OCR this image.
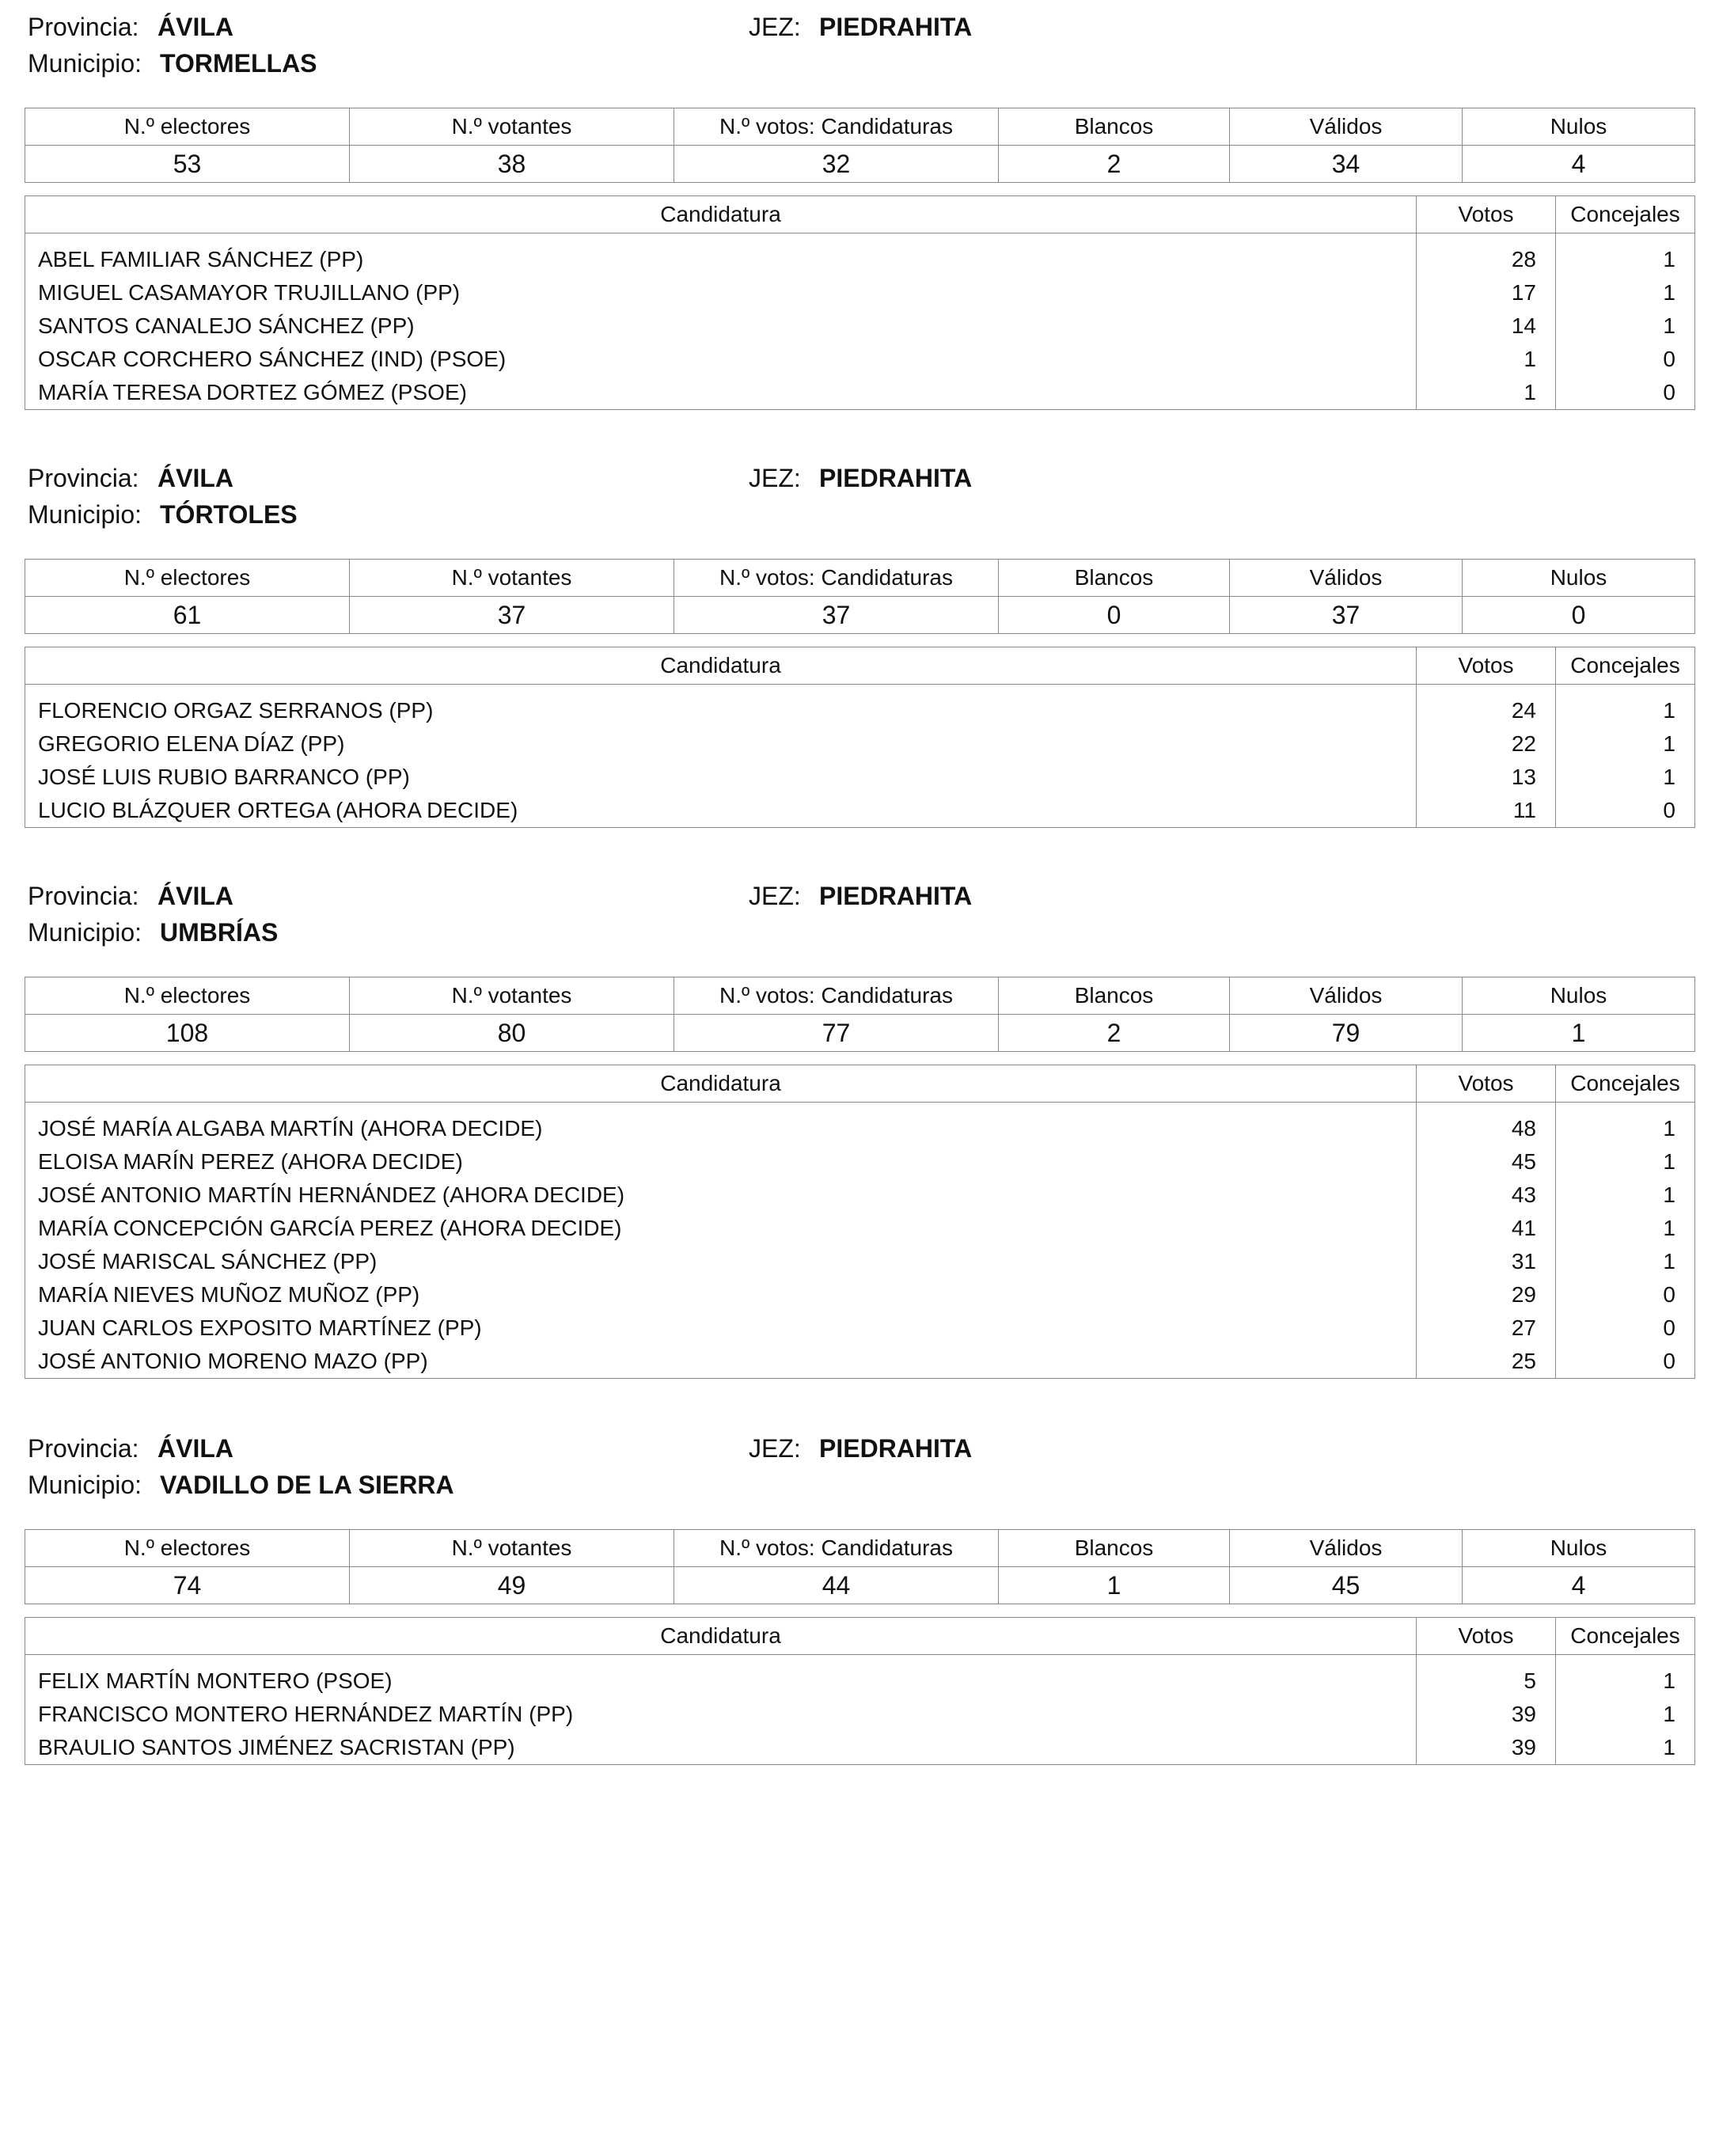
Provincia: ÁVILA	JEZ: PIEDRAHITA
Municipio: TORMELLAS
N.º electores	N.º votantes	N.º votos: Candidaturas	Blancos	Válidos	Nulos
53	38	32	2	34	4
Candidatura	Votos	Concejales

ABEL FAMILIAR SÁNCHEZ (PP)	28	1
MIGUEL CASAMAYOR TRUJILLANO (PP)	17	1
SANTOS CANALEJO SÁNCHEZ (PP)	14	1
OSCAR CORCHERO SÁNCHEZ (IND) (PSOE)	1	0
MARÍA TERESA DORTEZ GÓMEZ (PSOE)	1	0
Provincia: ÁVILA	JEZ: PIEDRAHITA
Municipio: TÓRTOLES
N.º electores	N.º votantes	N.º votos: Candidaturas	Blancos	Válidos	Nulos
61	37	37	0	37	0
Candidatura	Votos	Concejales

FLORENCIO ORGAZ SERRANOS (PP)	24	1
GREGORIO ELENA DÍAZ (PP)	22	1
JOSÉ LUIS RUBIO BARRANCO (PP)	13	1
LUCIO BLÁZQUER ORTEGA (AHORA DECIDE)	11	0
Provincia: ÁVILA	JEZ: PIEDRAHITA
Municipio: UMBRÍAS
N.º electores	N.º votantes	N.º votos: Candidaturas	Blancos	Válidos	Nulos
108	80	77	2	79	1
Candidatura	Votos	Concejales

JOSÉ MARÍA ALGABA MARTÍN (AHORA DECIDE)	48	1
ELOISA MARÍN PEREZ (AHORA DECIDE)	45	1
JOSÉ ANTONIO MARTÍN HERNÁNDEZ (AHORA DECIDE)	43	1
MARÍA CONCEPCIÓN GARCÍA PEREZ (AHORA DECIDE)	41	1
JOSÉ MARISCAL SÁNCHEZ (PP)	31	1
MARÍA NIEVES MUÑOZ MUÑOZ (PP)	29	0
JUAN CARLOS EXPOSITO MARTÍNEZ (PP)	27	0
JOSÉ ANTONIO MORENO MAZO (PP)	25	0
Provincia: ÁVILA	JEZ: PIEDRAHITA
Municipio: VADILLO DE LA SIERRA
N.º electores	N.º votantes	N.º votos: Candidaturas	Blancos	Válidos	Nulos
74	49	44	1	45	4
Candidatura	Votos	Concejales

FELIX MARTÍN MONTERO (PSOE)	5	1
FRANCISCO MONTERO HERNÁNDEZ MARTÍN (PP)	39	1
BRAULIO SANTOS JIMÉNEZ SACRISTAN (PP)	39	1
